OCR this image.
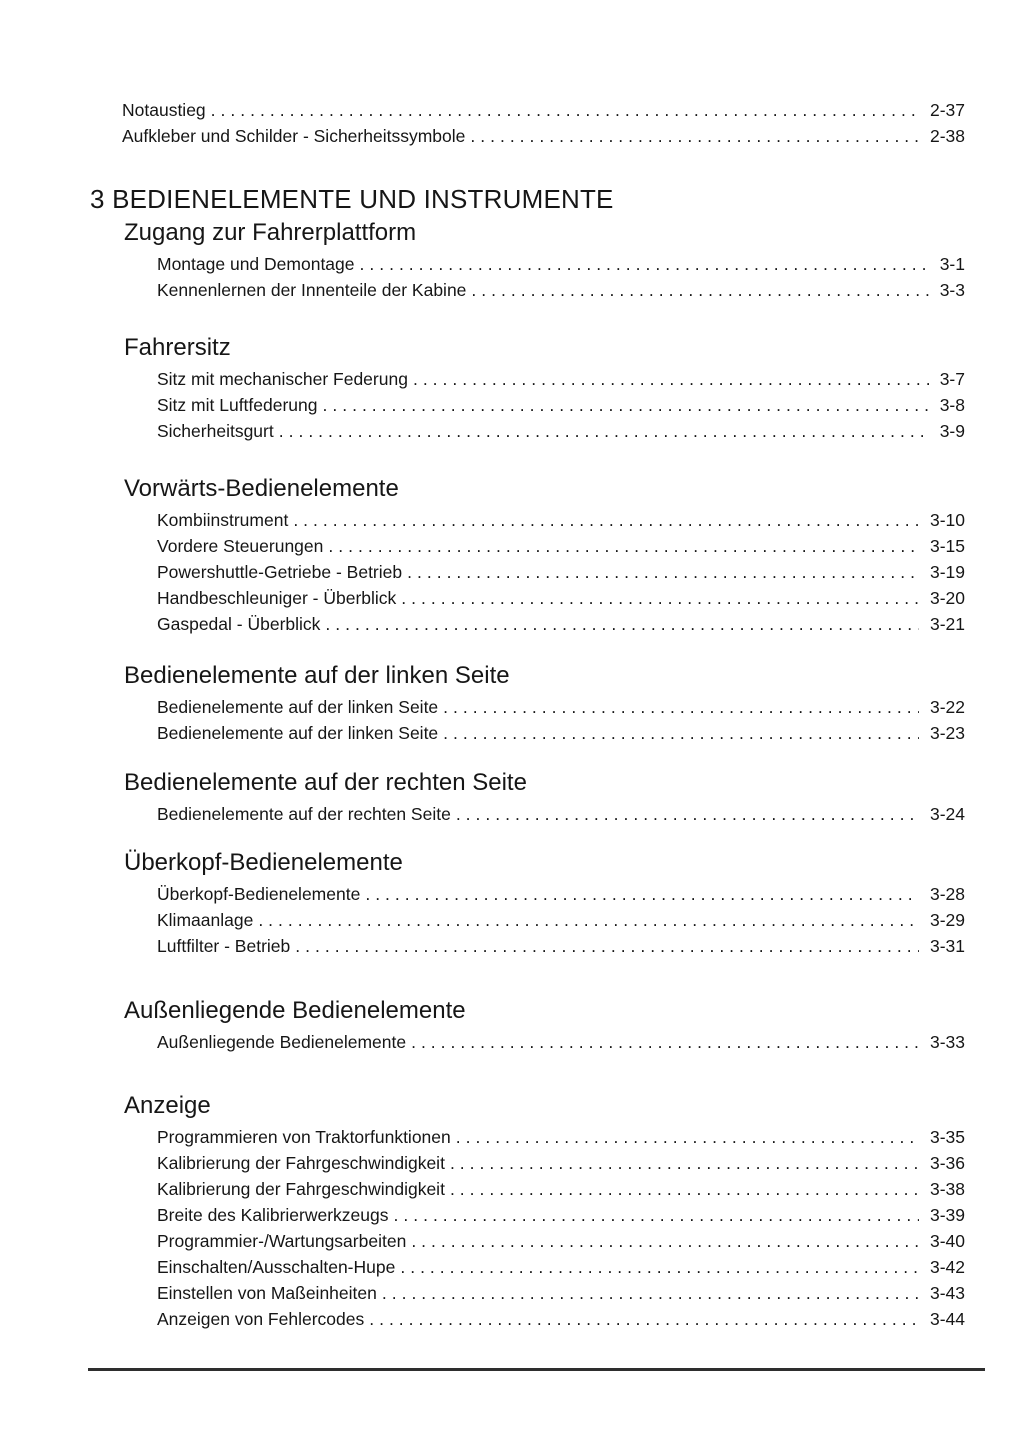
Notaustieg .....	2-37
Aufkleber und Schilder - Sicherheitssymbole .....	2-38
3 BEDIENELEMENTE UND INSTRUMENTE
Zugang zur Fahrerplattform
Montage und Demontage .....	3-1
Kennenlernen der Innenteile der Kabine .....	3-3
Fahrersitz
Sitz mit mechanischer Federung .....	3-7
Sitz mit Luftfederung .....	3-8
Sicherheitsgurt .....	3-9
Vorwärts-Bedienelemente
Kombiinstrument .....	3-10
Vordere Steuerungen .....	3-15
Powershuttle-Getriebe - Betrieb .....	3-19
Handbeschleuniger - Überblick .....	3-20
Gaspedal - Überblick .....	3-21
Bedienelemente auf der linken Seite
Bedienelemente auf der linken Seite .....	3-22
Bedienelemente auf der linken Seite .....	3-23
Bedienelemente auf der rechten Seite
Bedienelemente auf der rechten Seite .....	3-24
Überkopf-Bedienelemente
Überkopf-Bedienelemente .....	3-28
Klimaanlage .....	3-29
Luftfilter - Betrieb .....	3-31
Außenliegende Bedienelemente
Außenliegende Bedienelemente .....	3-33
Anzeige
Programmieren von Traktorfunktionen .....	3-35
Kalibrierung der Fahrgeschwindigkeit .....	3-36
Kalibrierung der Fahrgeschwindigkeit .....	3-38
Breite des Kalibrierwerkzeugs .....	3-39
Programmier-/Wartungsarbeiten .....	3-40
Einschalten/Ausschalten-Hupe .....	3-42
Einstellen von Maßeinheiten .....	3-43
Anzeigen von Fehlercodes .....	3-44
